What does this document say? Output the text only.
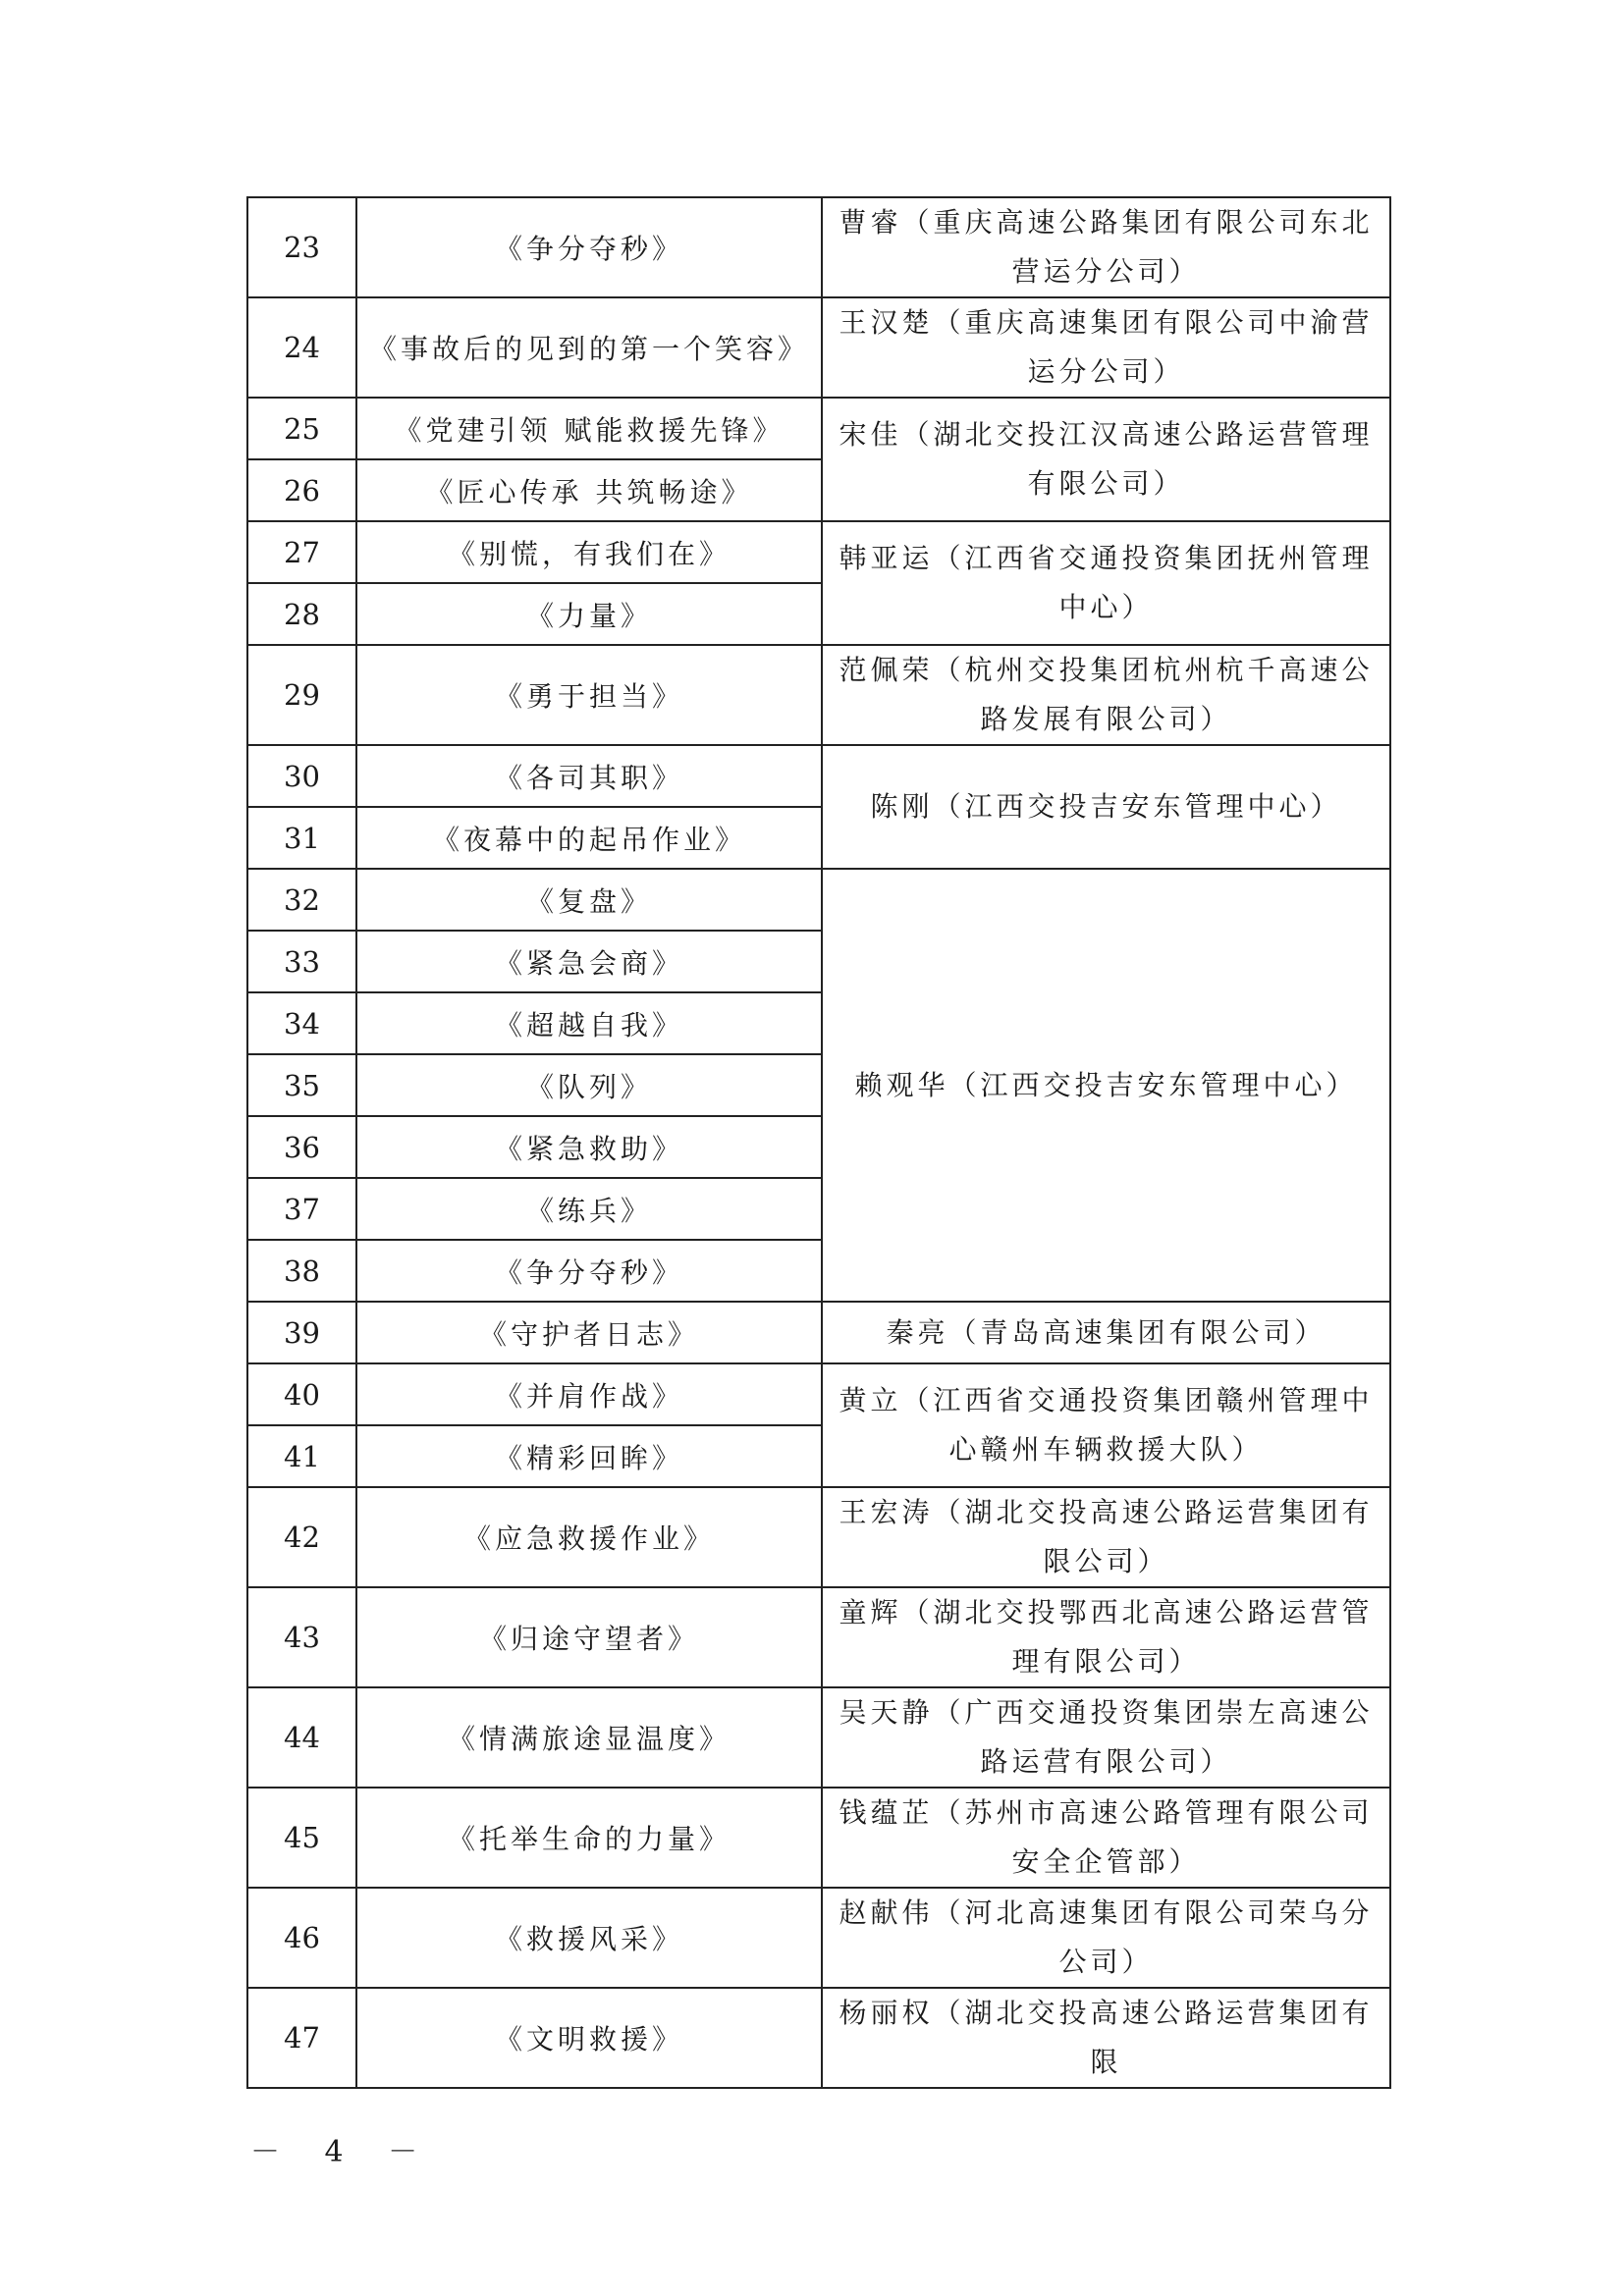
23	《争分夺秒》	曹睿（重庆高速公路集团有限公司东北营运分公司）
24	《事故后的见到的第一个笑容》	王汉楚（重庆高速集团有限公司中渝营运分公司）
25	《党建引领 赋能救援先锋》	宋佳（湖北交投江汉高速公路运营管理有限公司）
26	《匠心传承 共筑畅途》	
27	《别慌，有我们在》	韩亚运（江西省交通投资集团抚州管理中心）
28	《力量》	
29	《勇于担当》	范佩荣（杭州交投集团杭州杭千高速公路发展有限公司）
30	《各司其职》	陈刚（江西交投吉安东管理中心）
31	《夜幕中的起吊作业》	
32	《复盘》	赖观华（江西交投吉安东管理中心）
33	《紧急会商》	
34	《超越自我》	
35	《队列》	
36	《紧急救助》	
37	《练兵》	
38	《争分夺秒》	
39	《守护者日志》	秦亮（青岛高速集团有限公司）
40	《并肩作战》	黄立（江西省交通投资集团赣州管理中心赣州车辆救援大队）
41	《精彩回眸》	
42	《应急救援作业》	王宏涛（湖北交投高速公路运营集团有限公司）
43	《归途守望者》	童辉（湖北交投鄂西北高速公路运营管理有限公司）
44	《情满旅途显温度》	吴天静（广西交通投资集团崇左高速公路运营有限公司）
45	《托举生命的力量》	钱蕴芷（苏州市高速公路管理有限公司安全企管部）
46	《救援风采》	赵献伟（河北高速集团有限公司荣乌分公司）
47	《文明救援》	杨丽权（湖北交投高速公路运营集团有限
－ 4 －
